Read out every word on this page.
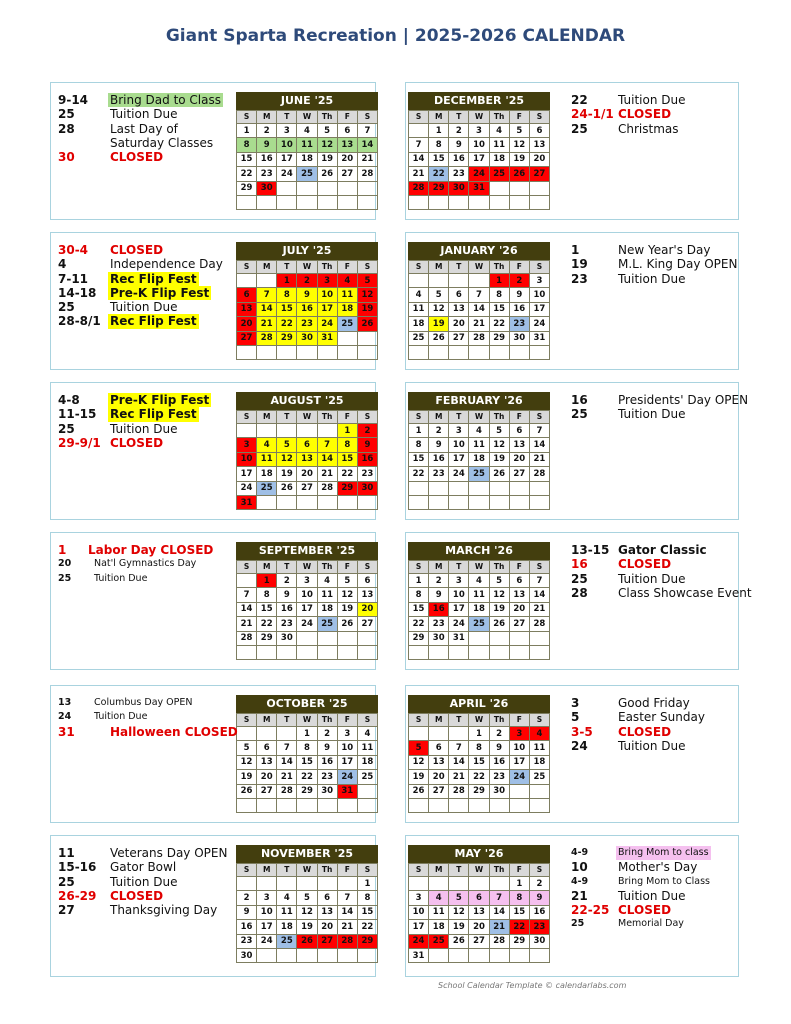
Giant Sparta Recreation | 2025-2026 CALENDAR
JUNE '25
S	M	T	W	Th	F	S
1	2	3	4	5	6	7
8	9	10	11	12	13	14
15	16	17	18	19	20	21
22	23	24	25	26	27	28
29	30					

9-14 Bring Dad to Class
25	Tuition Due
28	Last Day of
Saturday Classes
30	CLOSED
DECEMBER '25
S	M	T	W	Th	F	S
	1	2	3	4	5	6
7	8	9	10	11	12	13
14	15	16	17	18	19	20
21	22	23	24	25	26	27
28	29	30	31			

22	Tuition Due
24-1/1 CLOSED
25	Christmas
JULY '25
S	M	T	W	Th	F	S
		1	2	3	4	5
6	7	8	9	10	11	12
13	14	15	16	17	18	19
20	21	22	23	24	25	26
27	28	29	30	31		

30-4 CLOSED
4	Independence Day
7-11 Rec Flip Fest
14-18 Pre-K Flip Fest
25	Tuition Due
28-8/1 Rec Flip Fest
JANUARY '26
S	M	T	W	Th	F	S
				1	2	3
4	5	6	7	8	9	10
11	12	13	14	15	16	17
18	19	20	21	22	23	24
25	26	27	28	29	30	31

1	New Year's Day
19	M.L. King Day OPEN
23	Tuition Due
AUGUST '25
S	M	T	W	Th	F	S
					1	2
3	4	5	6	7	8	9
10	11	12	13	14	15	16
17	18	19	20	21	22	23
24	25	26	27	28	29	30
31						
4-8	Pre-K Flip Fest
11-15 Rec Flip Fest
25	Tuition Due
29-9/1 CLOSED
FEBRUARY '26
S	M	T	W	Th	F	S
1	2	3	4	5	6	7
8	9	10	11	12	13	14
15	16	17	18	19	20	21
22	23	24	25	26	27	28

16	Presidents' Day OPEN
25	Tuition Due
SEPTEMBER '25
S	M	T	W	Th	F	S
	1	2	3	4	5	6
7	8	9	10	11	12	13
14	15	16	17	18	19	20
21	22	23	24	25	26	27
28	29	30				

1 Labor Day CLOSED
20 Nat'l Gymnastics Day
25 Tuition Due
MARCH '26
S	M	T	W	Th	F	S
1	2	3	4	5	6	7
8	9	10	11	12	13	14
15	16	17	18	19	20	21
22	23	24	25	26	27	28
29	30	31				

13-15 Gator Classic
16	CLOSED
25	Tuition Due
28	Class Showcase Event
OCTOBER '25
S	M	T	W	Th	F	S
			1	2	3	4
5	6	7	8	9	10	11
12	13	14	15	16	17	18
19	20	21	22	23	24	25
26	27	28	29	30	31	

13 Columbus Day OPEN
24 Tuition Due
31	Halloween CLOSED
APRIL '26
S	M	T	W	Th	F	S
			1	2	3	4
5	6	7	8	9	10	11
12	13	14	15	16	17	18
19	20	21	22	23	24	25
26	27	28	29	30		

3	Good Friday
5	Easter Sunday
3-5 CLOSED
24	Tuition Due
NOVEMBER '25
S	M	T	W	Th	F	S
						1
2	3	4	5	6	7	8
9	10	11	12	13	14	15
16	17	18	19	20	21	22
23	24	25	26	27	28	29
30						
11	Veterans Day OPEN
15-16 Gator Bowl
25	Tuition Due
26-29 CLOSED
27	Thanksgiving Day
MAY '26
S	M	T	W	Th	F	S
					1	2
3	4	5	6	7	8	9
10	11	12	13	14	15	16
17	18	19	20	21	22	23
24	25	26	27	28	29	30
31						
4-9	Bring Mom to class
10	Mother's Day
4-9	Bring Mom to Class
21	Tuition Due
22-25 CLOSED
25	Memorial Day
School Calendar Template © calendarlabs.com
